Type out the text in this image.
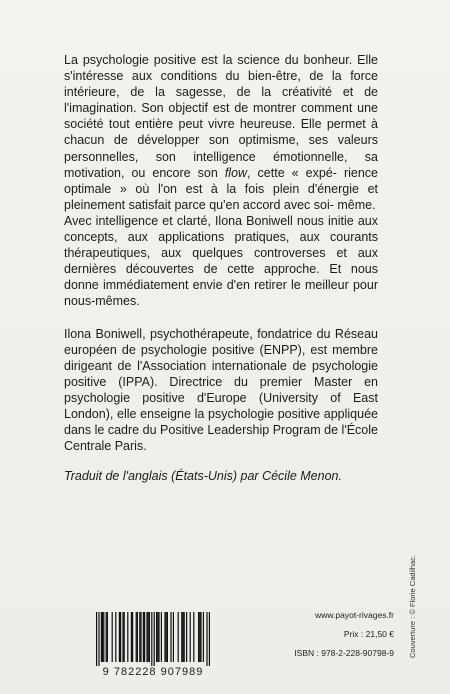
La psychologie positive est la science du bonheur. Elle s'intéresse aux conditions du bien-être, de la force intérieure, de la sagesse, de la créativité et de l'imagination. Son objectif est de montrer comment une société tout entière peut vivre heureuse. Elle permet à chacun de développer son optimisme, ses valeurs personnelles, son intelligence émotionnelle, sa motivation, ou encore son flow, cette « expé- rience optimale » où l'on est à la fois plein d'énergie et pleinement satisfait parce qu'en accord avec soi- même.

Avec intelligence et clarté, Ilona Boniwell nous initie aux concepts, aux applications pratiques, aux courants thérapeutiques, aux quelques controverses et aux dernières découvertes de cette approche. Et nous donne immédiatement envie d'en retirer le meilleur pour nous-mêmes.

Ilona Boniwell, psychothérapeute, fondatrice du Réseau européen de psychologie positive (ENPP), est membre dirigeant de l'Association internationale de psychologie positive (IPPA). Directrice du premier Master en psychologie positive d'Europe (University of East London), elle enseigne la psychologie positive appliquée dans le cadre du Positive Leadership Program de l'École Centrale Paris.

Traduit de l'anglais (États-Unis) par Cécile Menon.
Couverture : © Florie Cadilhac.
9 782228 907989
www.payot-rivages.fr
Prix : 21,50 €
ISBN : 978-2-228-90798-9
